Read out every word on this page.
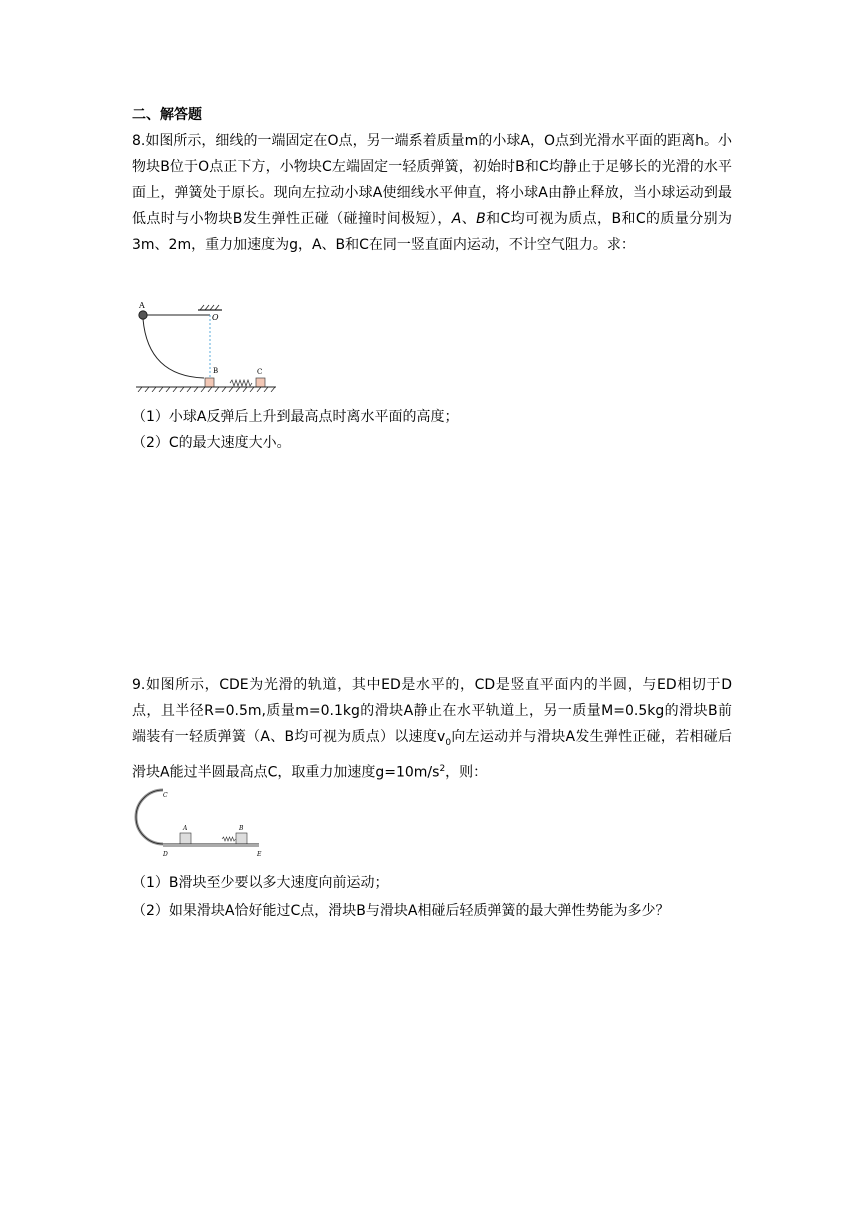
二、解答题
8.如图所示，细线的一端固定在O点，另一端系着质量m的小球A，O点到光滑水平面的距离h。小物块B位于O点正下方，小物块C左端固定一轻质弹簧，初始时B和C均静止于足够长的光滑的水平面上，弹簧处于原长。现向左拉动小球A使细线水平伸直，将小球A由静止释放，当小球运动到最低点时与小物块B发生弹性正碰（碰撞时间极短），A、B和C均可视为质点，B和C的质量分别为3m、2m，重力加速度为g，A、B和C在同一竖直面内运动，不计空气阻力。求：
A
O
B	C
（1）小球A反弹后上升到最高点时离水平面的高度；
（2）C的最大速度大小。
9.如图所示，CDE为光滑的轨道，其中ED是水平的，CD是竖直平面内的半圆，与ED相切于D点，且半径R=0.5m,质量m=0.1kg的滑块A静止在水平轨道上，另一质量M=0.5kg的滑块B前端装有一轻质弹簧（A、B均可视为质点）以速度$v_0$向左运动并与滑块A发生弹性正碰，若相碰后滑块A能过半圆最高点C，取重力加速度$g=10m/s^2$，则：
C
A	B
D	E
（1）B滑块至少要以多大速度向前运动；
（2）如果滑块A恰好能过C点，滑块B与滑块A相碰后轻质弹簧的最大弹性势能为多少？
